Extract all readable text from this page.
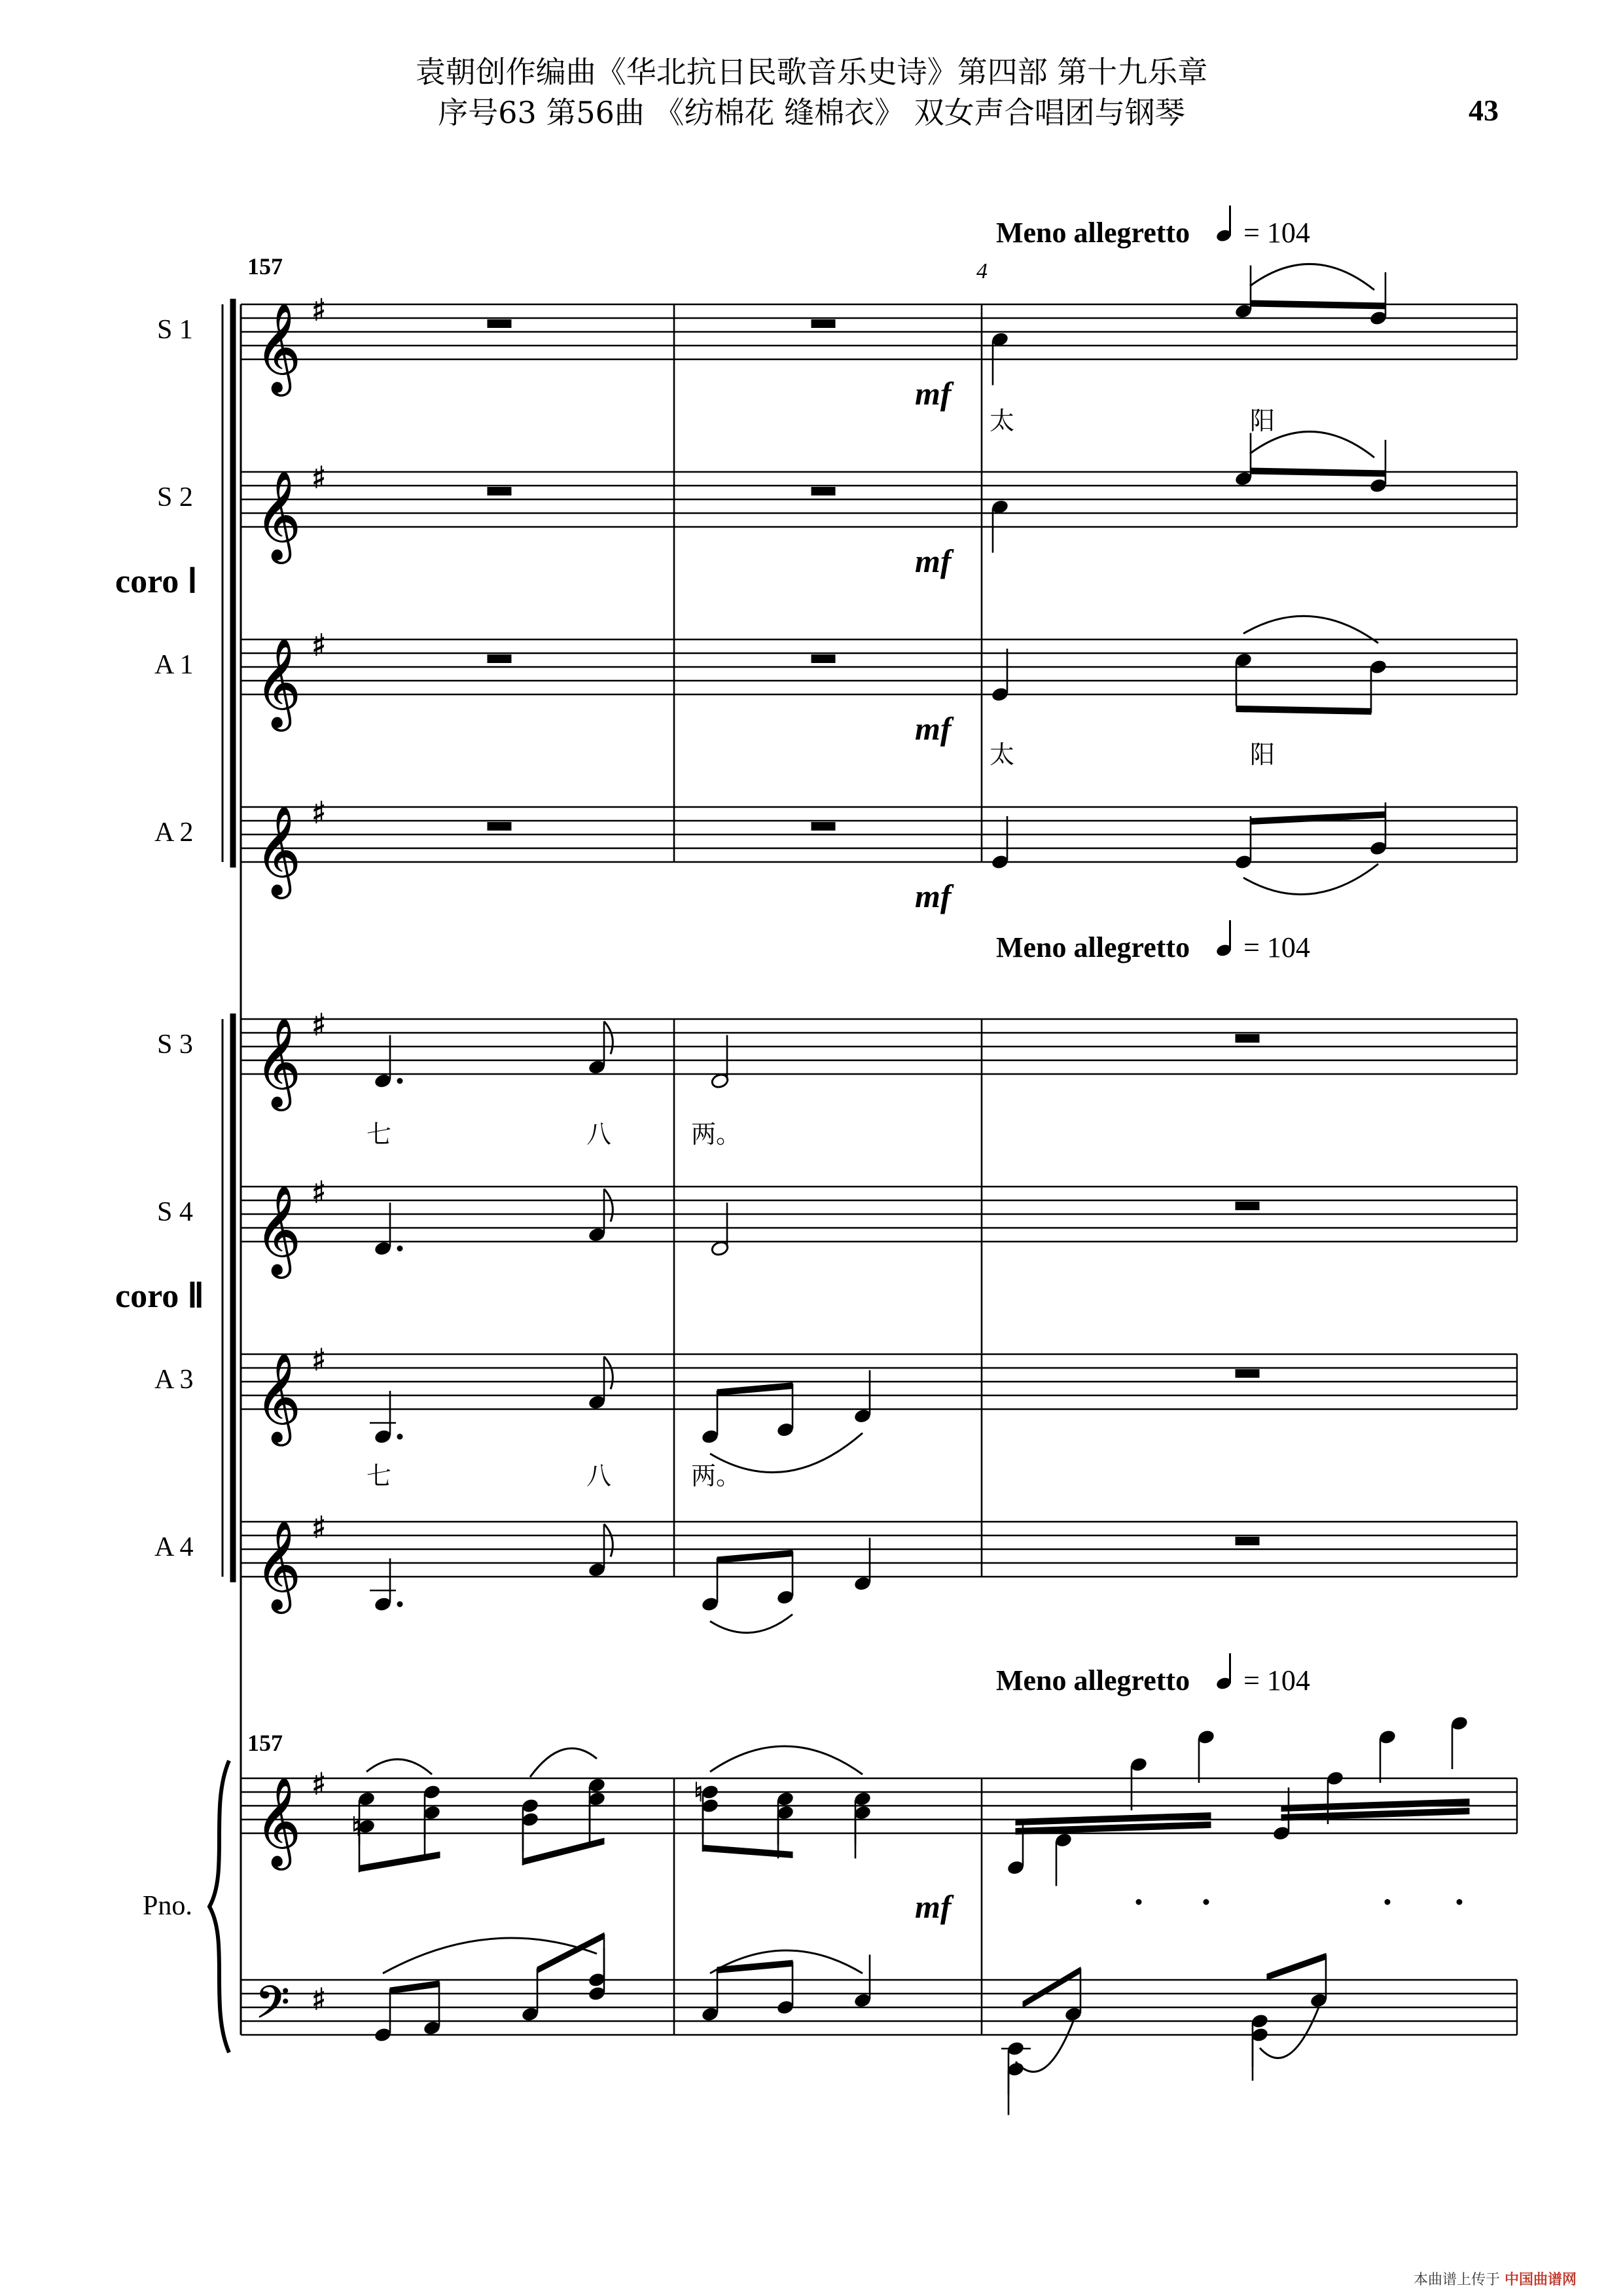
袁朝创作编曲《华北抗日民歌音乐史诗》第四部 第十九乐章
序号63 第56曲 《纺棉花 缝棉衣》 双女声合唱团与钢琴	43
Meno allegretto = 104
Meno allegretto = 104
Meno allegretto = 104
157
157
4
S 1
S 2
A 1
A 2
S 3
S 4
A 3
A 4
Pno.
coro Ⅰ
coro Ⅱ
mf
mf
mf
mf
mf
太	阳
太	阳
七	八	两。
七	八	两。
𝄞 ♯
𝄞 ♯
𝄞 ♯
𝄞 ♯
𝄞 ♯
𝄞 ♯
𝄞 ♯
𝄞 ♯
𝄞 ♯
𝄢 ♯
♮
♮
本曲谱上传于 中国曲谱网
